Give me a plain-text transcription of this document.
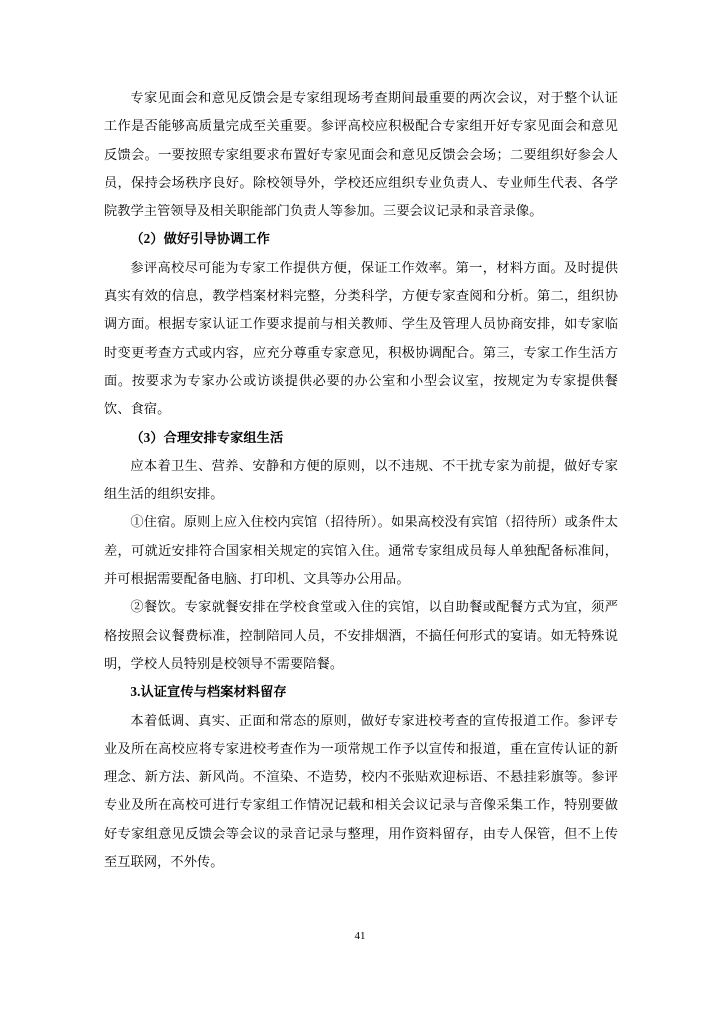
专家见面会和意见反馈会是专家组现场考查期间最重要的两次会议，对于整个认证工作是否能够高质量完成至关重要。参评高校应积极配合专家组开好专家见面会和意见反馈会。一要按照专家组要求布置好专家见面会和意见反馈会会场；二要组织好参会人员，保持会场秩序良好。除校领导外，学校还应组织专业负责人、专业师生代表、各学院教学主管领导及相关职能部门负责人等参加。三要会议记录和录音录像。

（2）做好引导协调工作

参评高校尽可能为专家工作提供方便，保证工作效率。第一，材料方面。及时提供真实有效的信息，教学档案材料完整，分类科学，方便专家查阅和分析。第二，组织协调方面。根据专家认证工作要求提前与相关教师、学生及管理人员协商安排，如专家临时变更考查方式或内容，应充分尊重专家意见，积极协调配合。第三，专家工作生活方面。按要求为专家办公或访谈提供必要的办公室和小型会议室，按规定为专家提供餐饮、食宿。

（3）合理安排专家组生活

应本着卫生、营养、安静和方便的原则，以不违规、不干扰专家为前提，做好专家组生活的组织安排。

①住宿。原则上应入住校内宾馆（招待所）。如果高校没有宾馆（招待所）或条件太差，可就近安排符合国家相关规定的宾馆入住。通常专家组成员每人单独配备标准间，并可根据需要配备电脑、打印机、文具等办公用品。

②餐饮。专家就餐安排在学校食堂或入住的宾馆，以自助餐或配餐方式为宜，须严格按照会议餐费标准，控制陪同人员，不安排烟酒，不搞任何形式的宴请。如无特殊说明，学校人员特别是校领导不需要陪餐。

3.认证宣传与档案材料留存

本着低调、真实、正面和常态的原则，做好专家进校考查的宣传报道工作。参评专业及所在高校应将专家进校考查作为一项常规工作予以宣传和报道，重在宣传认证的新理念、新方法、新风尚。不渲染、不造势，校内不张贴欢迎标语、不悬挂彩旗等。参评专业及所在高校可进行专家组工作情况记载和相关会议记录与音像采集工作，特别要做好专家组意见反馈会等会议的录音记录与整理，用作资料留存，由专人保管，但不上传至互联网，不外传。

41
